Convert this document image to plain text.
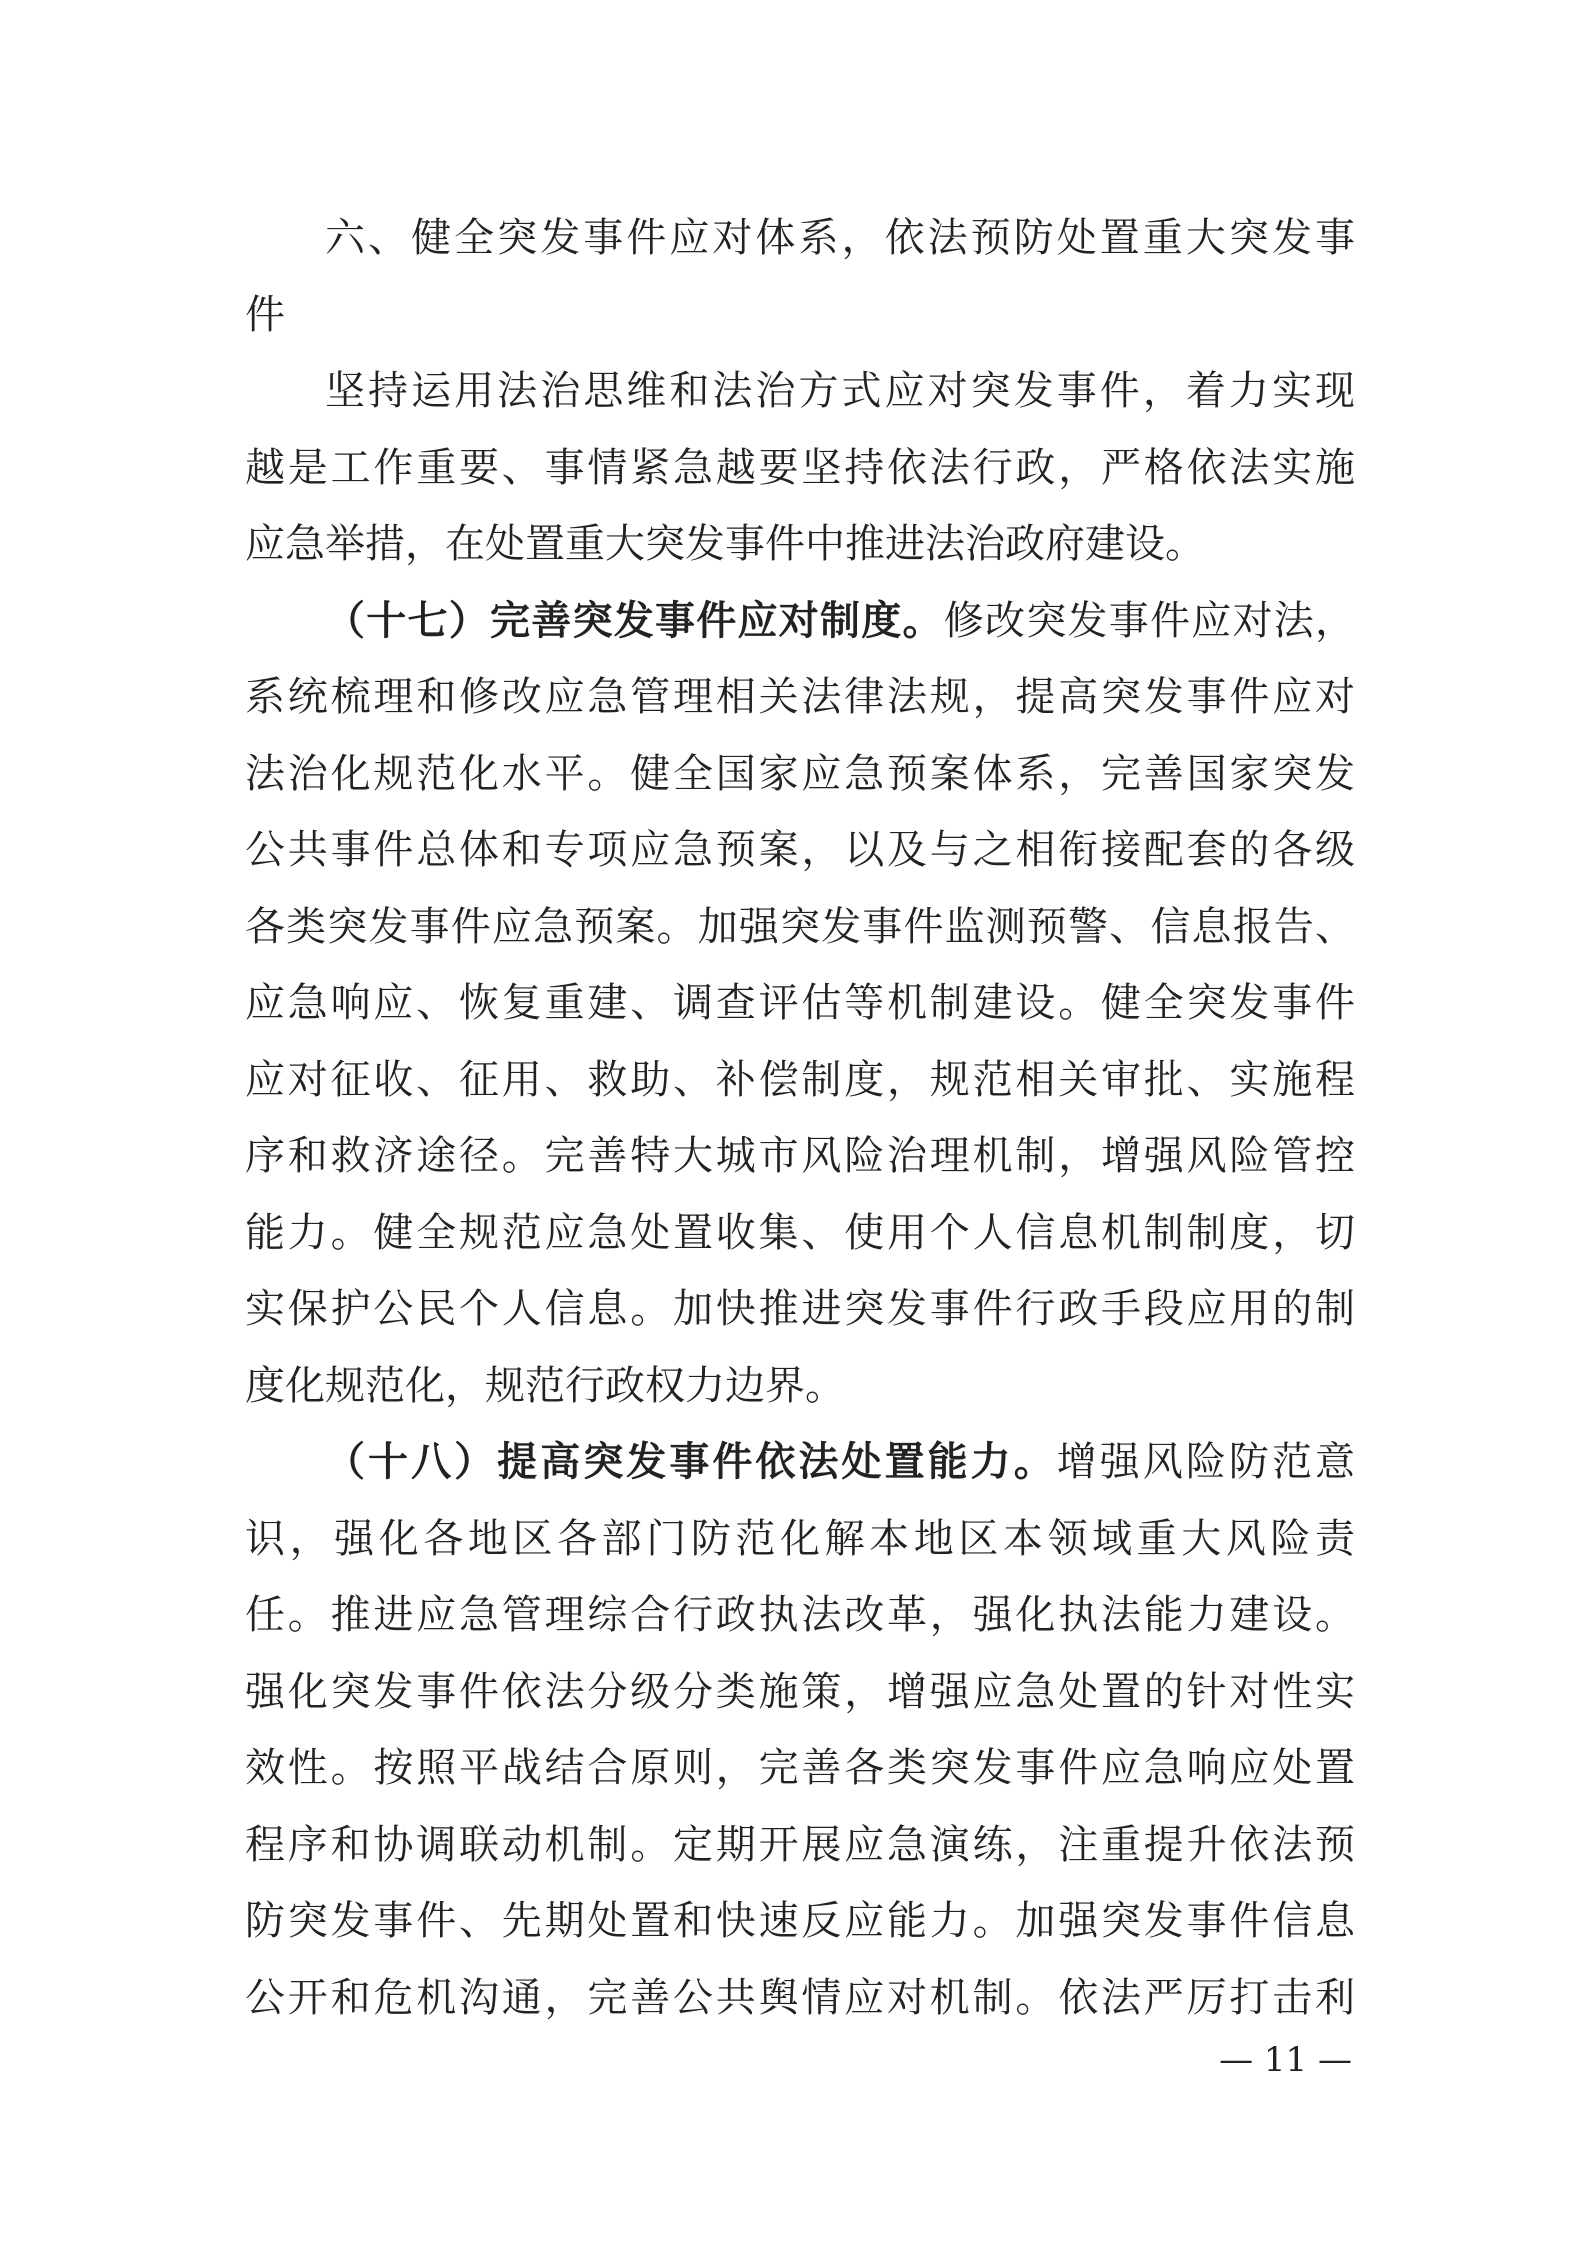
六、健全突发事件应对体系，依法预防处置重大突发事
件
坚持运用法治思维和法治方式应对突发事件，着力实现
越是工作重要、事情紧急越要坚持依法行政，严格依法实施
应急举措，在处置重大突发事件中推进法治政府建设。
（十七）完善突发事件应对制度。修改突发事件应对法，
系统梳理和修改应急管理相关法律法规，提高突发事件应对
法治化规范化水平。健全国家应急预案体系，完善国家突发
公共事件总体和专项应急预案，以及与之相衔接配套的各级
各类突发事件应急预案。加强突发事件监测预警、信息报告、
应急响应、恢复重建、调查评估等机制建设。健全突发事件
应对征收、征用、救助、补偿制度，规范相关审批、实施程
序和救济途径。完善特大城市风险治理机制，增强风险管控
能力。健全规范应急处置收集、使用个人信息机制制度，切
实保护公民个人信息。加快推进突发事件行政手段应用的制
度化规范化，规范行政权力边界。
（十八）提高突发事件依法处置能力。增强风险防范意
识，强化各地区各部门防范化解本地区本领域重大风险责
任。推进应急管理综合行政执法改革，强化执法能力建设。
强化突发事件依法分级分类施策，增强应急处置的针对性实
效性。按照平战结合原则，完善各类突发事件应急响应处置
程序和协调联动机制。定期开展应急演练，注重提升依法预
防突发事件、先期处置和快速反应能力。加强突发事件信息
公开和危机沟通，完善公共舆情应对机制。依法严厉打击利
— 11 —
